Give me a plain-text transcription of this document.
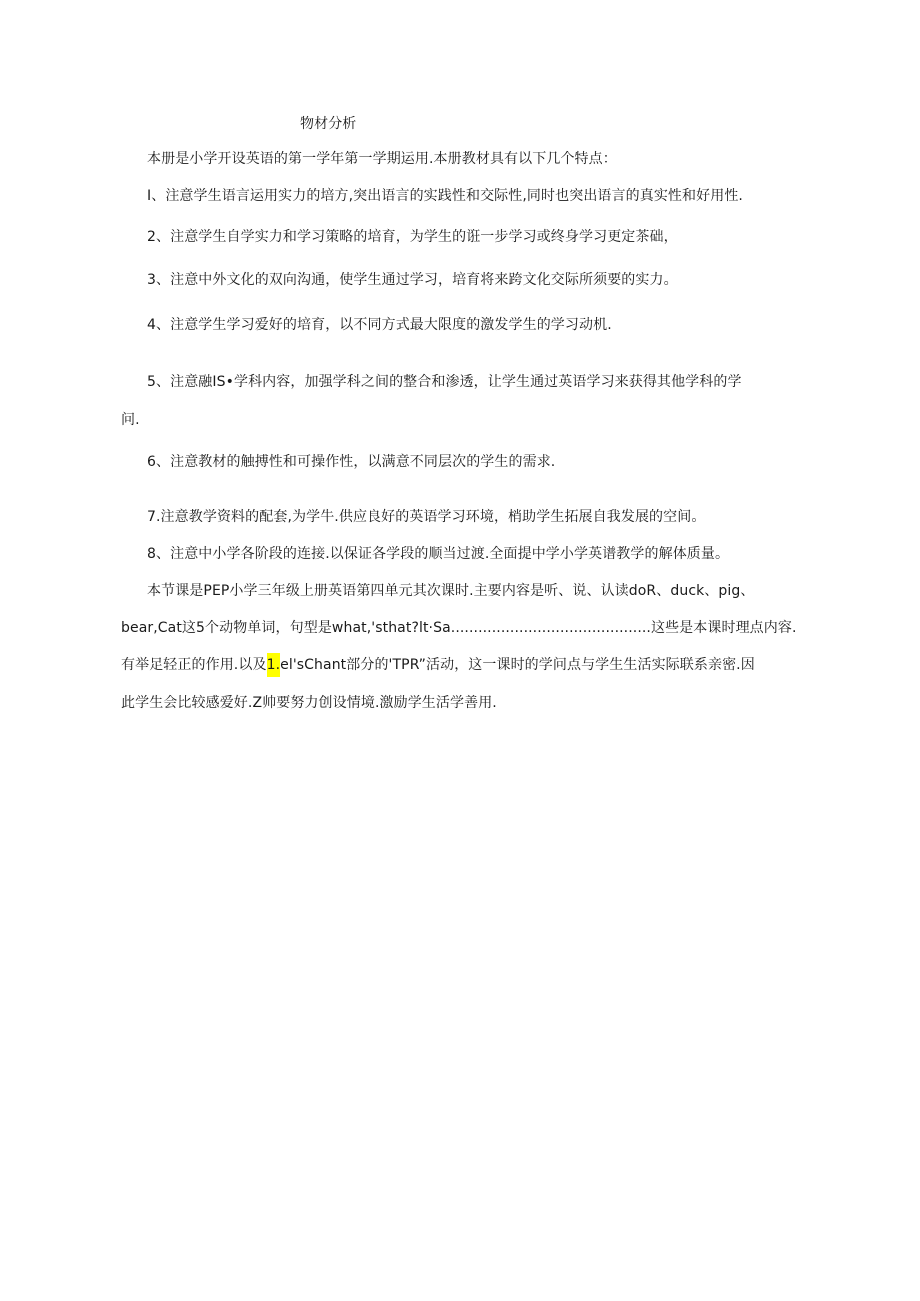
物材分析
本册是小学开设英语的第一学年第一学期运用.本册教材具有以下几个特点：
I、注意学生语言运用实力的培方,突出语言的实践性和交际性,同时也突出语言的真实性和好用性.
2、注意学生自学实力和学习策略的培育，为学生的诳一步学习或终身学习更定茶础，
3、注意中外文化的双向沟通，使学生通过学习，培育将来跨文化交际所须要的实力。
4、注意学生学习爱好的培育，以不同方式最大限度的激发学生的学习动机.
5、注意融IS•学科内容，加强学科之间的整合和渗透，让学生通过英语学习来获得其他学科的学
问.
6、注意教材的触搏性和可操作性，以满意不同层次的学生的需求.
7.注意教学资料的配套,为学牛.供应良好的英语学习环境，梢助学生拓展自我发展的空间。
8、注意中小学各阶段的连接.以保证各学段的顺当过渡.全面提中学小学英谱教学的解体质量。
本节课是PEP小学三年级上册英语第四单元其次课时.主要内容是听、说、认读doR、duck、pig、
bear,Cat这5个动物单词，句型是what,'sthat?lt·Sa............................................这些是本课时理点内容.
有举足轻正的作用.以及1.el'sChant部分的'TPR”活动，这一课时的学问点与学生生活实际联系亲密.因
此学生会比较感爱好.Z帅要努力创设情境.激励学生活学善用.
